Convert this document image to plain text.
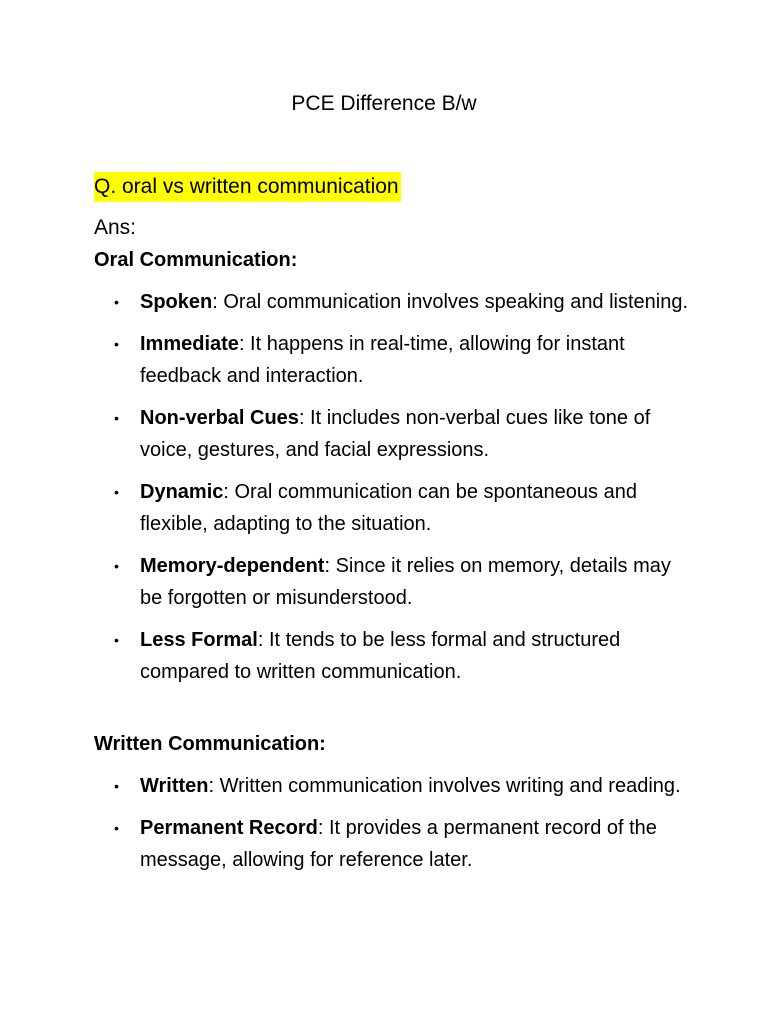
PCE Difference B/w
Q. oral vs written communication
Ans:
Oral Communication:
• Spoken: Oral communication involves speaking and listening.
• Immediate: It happens in real-time, allowing for instant feedback and interaction.
• Non-verbal Cues: It includes non-verbal cues like tone of voice, gestures, and facial expressions.
• Dynamic: Oral communication can be spontaneous and flexible, adapting to the situation.
• Memory-dependent: Since it relies on memory, details may be forgotten or misunderstood.
• Less Formal: It tends to be less formal and structured compared to written communication.
Written Communication:
• Written: Written communication involves writing and reading.
• Permanent Record: It provides a permanent record of the message, allowing for reference later.
